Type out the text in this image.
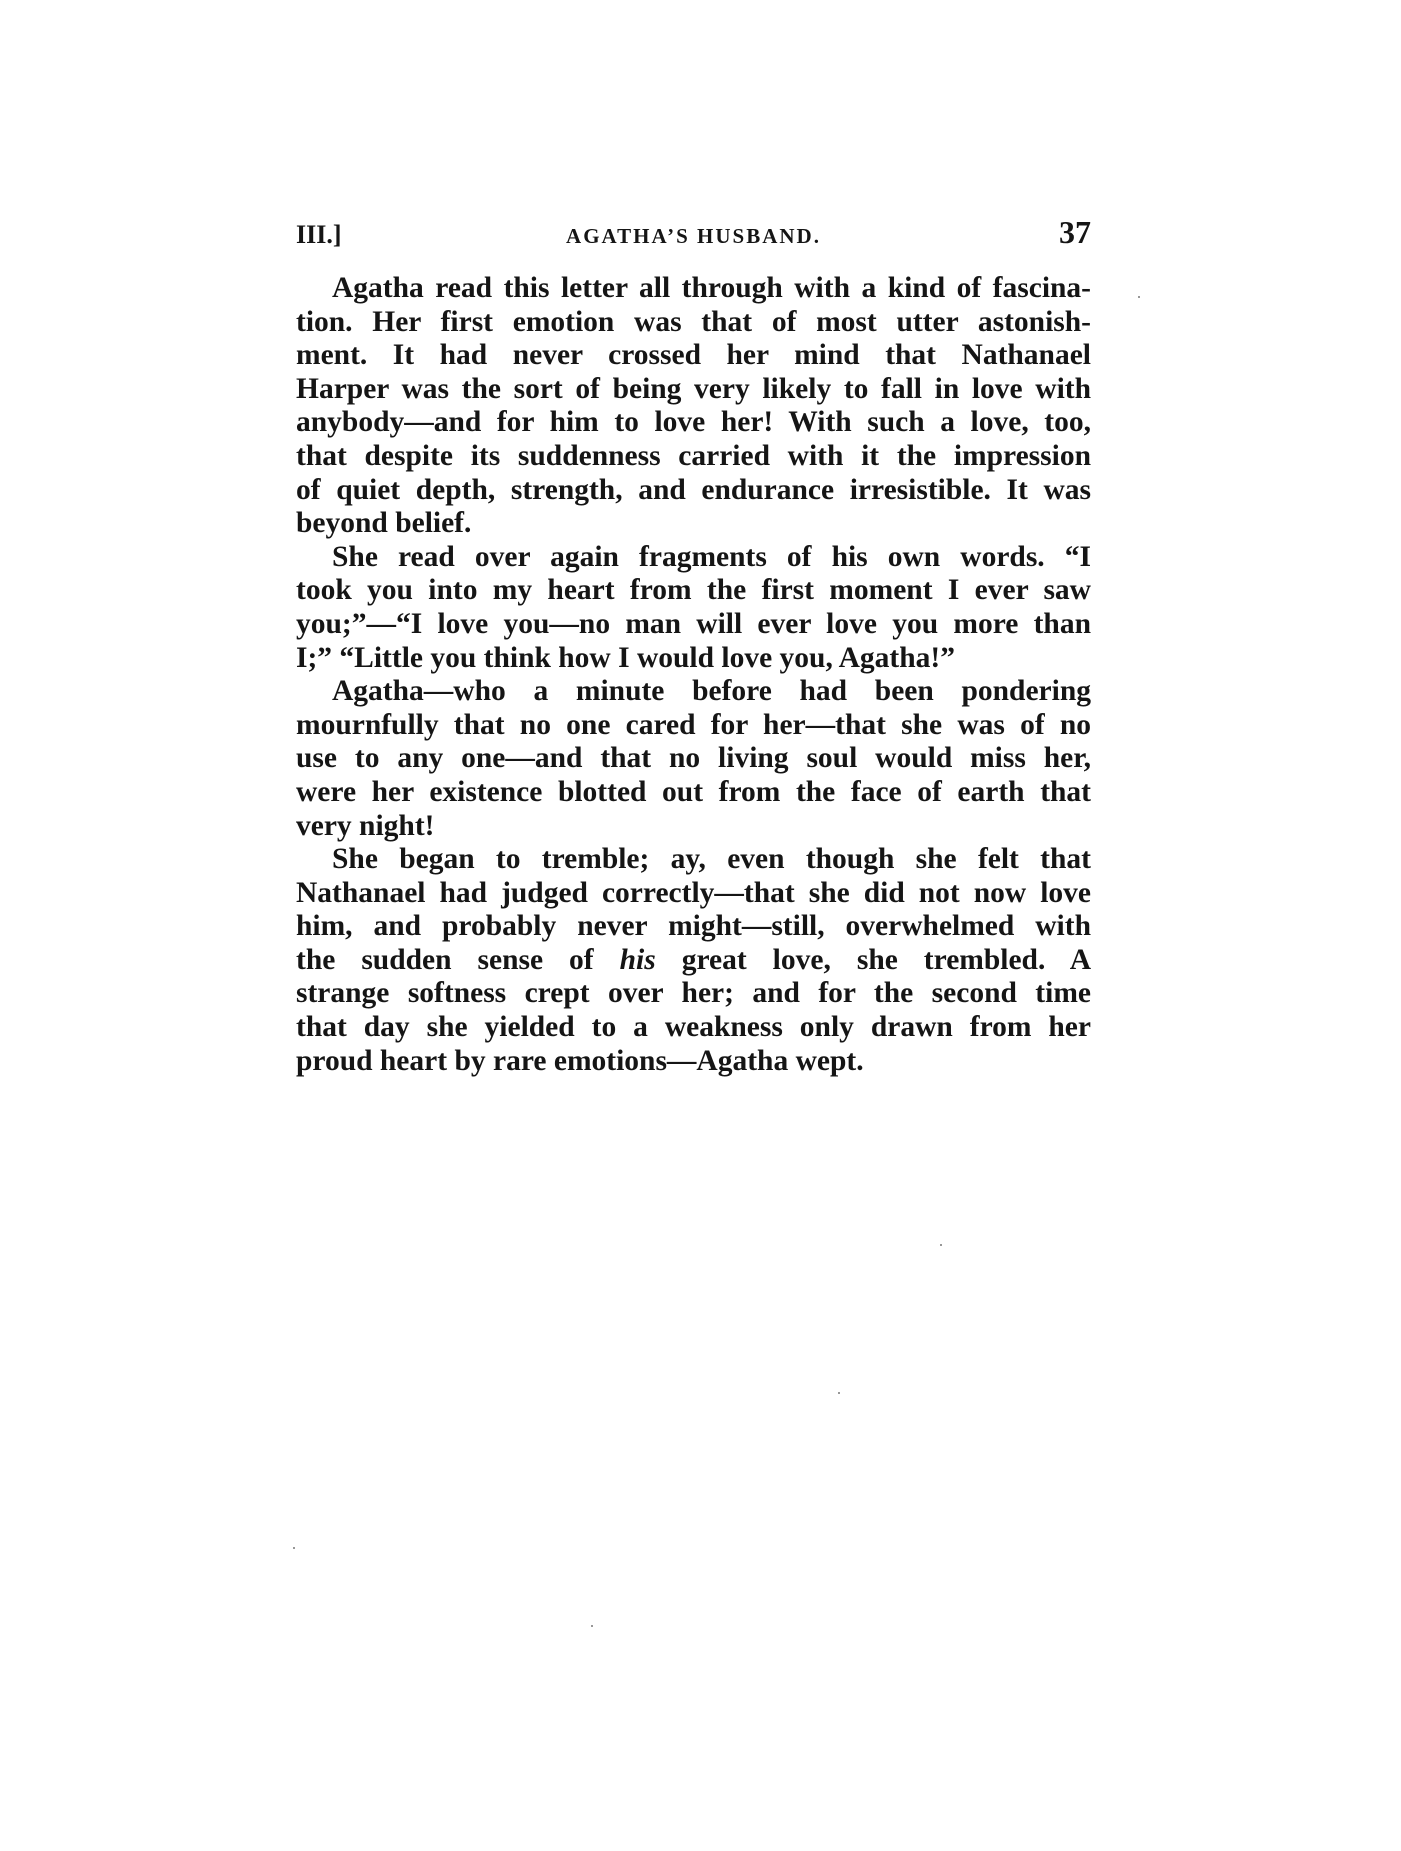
III.]	AGATHA’S HUSBAND.	37
Agatha read this letter all through with a kind of fascina-
tion. Her first emotion was that of most utter astonish-
ment. It had never crossed her mind that Nathanael
Harper was the sort of being very likely to fall in love with
anybody—and for him to love her! With such a love, too,
that despite its suddenness carried with it the impression
of quiet depth, strength, and endurance irresistible. It was
beyond belief.
She read over again fragments of his own words. “I
took you into my heart from the first moment I ever saw
you;”—“I love you—no man will ever love you more than
I;” “Little you think how I would love you, Agatha!”
Agatha—who a minute before had been pondering
mournfully that no one cared for her—that she was of no
use to any one—and that no living soul would miss her,
were her existence blotted out from the face of earth that
very night!
She began to tremble; ay, even though she felt that
Nathanael had judged correctly—that she did not now love
him, and probably never might—still, overwhelmed with
the sudden sense of his great love, she trembled. A
strange softness crept over her; and for the second time
that day she yielded to a weakness only drawn from her
proud heart by rare emotions—Agatha wept.
